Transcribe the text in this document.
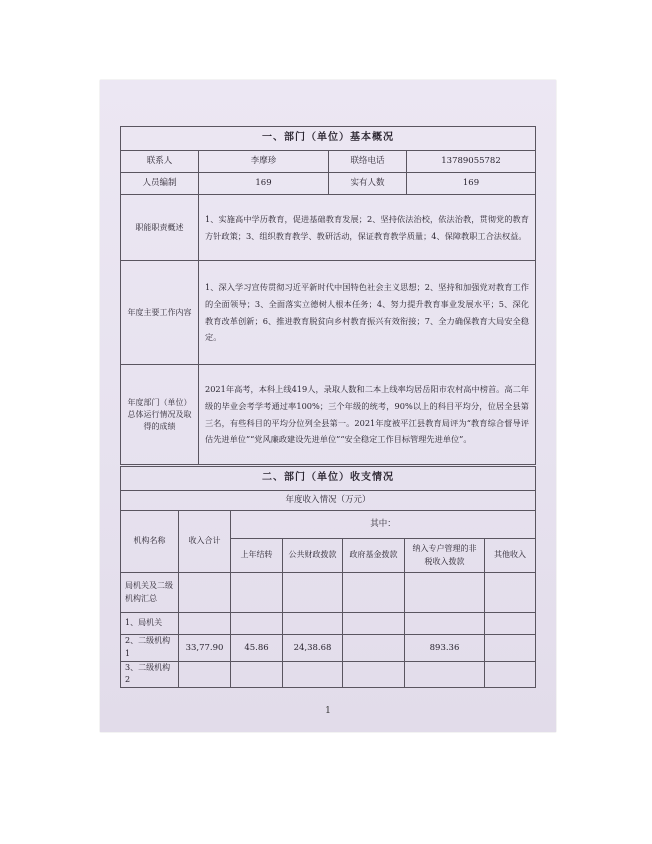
一、部门（单位）基本概况			
联系人	李摩珍	联络电话	13789055782
人员编制	169	实有人数	169
职能职责概述	1、实施高中学历教育，促进基础教育发展；2、坚持依法治校，依法治教，贯彻党的教育方针政策；3、组织教育教学、教研活动，保证教育教学质量；4、保障教职工合法权益。		
年度主要工作内容	1、深入学习宣传贯彻习近平新时代中国特色社会主义思想；2、坚持和加强党对教育工作的全面领导；3、全面落实立德树人根本任务；4、努力提升教育事业发展水平；5、深化教育改革创新；6、推进教育脱贫向乡村教育振兴有效衔接；7、全力确保教育大局安全稳定。		
年度部门（单位）总体运行情况及取得的成绩	2021年高考，本科上线419人，录取人数和二本上线率均居岳阳市农村高中榜首。高二年级的毕业会考学考通过率100%；三个年级的统考，90%以上的科目平均分，位居全县第三名，有些科目的平均分位列全县第一。2021年度被平江县教育局评为“教育综合督导评估先进单位”“党风廉政建设先进单位”“安全稳定工作目标管理先进单位”。		
二、部门（单位）收支情况						
年度收入情况（万元）						
机构名称	收入合计	其中：				
		上年结转	公共财政拨款	政府基金拨款	纳入专户管理的非税收入拨款	其他收入
局机关及二级机构汇总						
1、局机关						
2、二级机构1	33,77.90	45.86	24,38.68		893.36	
3、二级机构2						
1
